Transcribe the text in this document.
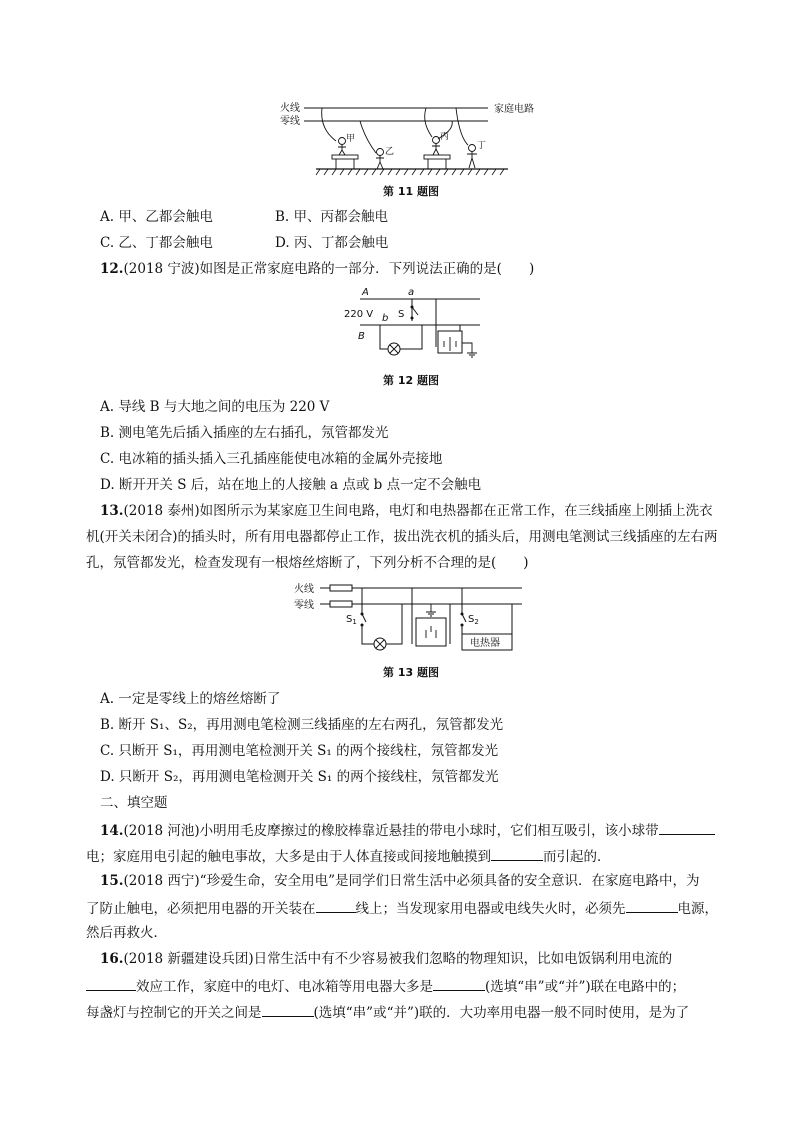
火线
零线
家庭电路
甲
乙
丙
丁
第 11 题图
A. 甲、乙都会触电	B. 甲、丙都会触电
C. 乙、丁都会触电	D. 丙、丁都会触电
12.(2018 宁波)如图是正常家庭电路的一部分．下列说法正确的是(　　)
A	a
220 V b S
B
第 12 题图
A. 导线 B 与大地之间的电压为 220 V
B. 测电笔先后插入插座的左右插孔，氖管都发光
C. 电冰箱的插头插入三孔插座能使电冰箱的金属外壳接地
D. 断开开关 S 后，站在地上的人接触 a 点或 b 点一定不会触电
13.(2018 泰州)如图所示为某家庭卫生间电路，电灯和电热器都在正常工作，在三线插座上刚插上洗衣
机(开关未闭合)的插头时，所有用电器都停止工作，拔出洗衣机的插头后，用测电笔测试三线插座的左右两
孔，氖管都发光，检查发现有一根熔丝熔断了，下列分析不合理的是(　　)
火线
零线
$S_1$	$S_2$
电热器
第 13 题图
A. 一定是零线上的熔丝熔断了
B. 断开 S₁、S₂，再用测电笔检测三线插座的左右两孔，氖管都发光
C. 只断开 S₁，再用测电笔检测开关 S₁ 的两个接线柱，氖管都发光
D. 只断开 S₂，再用测电笔检测开关 S₁ 的两个接线柱，氖管都发光
二、填空题
14.(2018 河池)小明用毛皮摩擦过的橡胶棒靠近悬挂的带电小球时，它们相互吸引，该小球带
电；家庭用电引起的触电事故，大多是由于人体直接或间接地触摸到	而引起的．
15.(2018 西宁)“珍爱生命，安全用电”是同学们日常生活中必须具备的安全意识．在家庭电路中，为
了防止触电，必须把用电器的开关装在	线上；当发现家用电器或电线失火时，必须先	电源，
然后再救火．
16.(2018 新疆建设兵团)日常生活中有不少容易被我们忽略的物理知识，比如电饭锅利用电流的
效应工作，家庭中的电灯、电冰箱等用电器大多是	(选填“串”或“并”)联在电路中的；
每盏灯与控制它的开关之间是	(选填“串”或“并”)联的．大功率用电器一般不同时使用，是为了
